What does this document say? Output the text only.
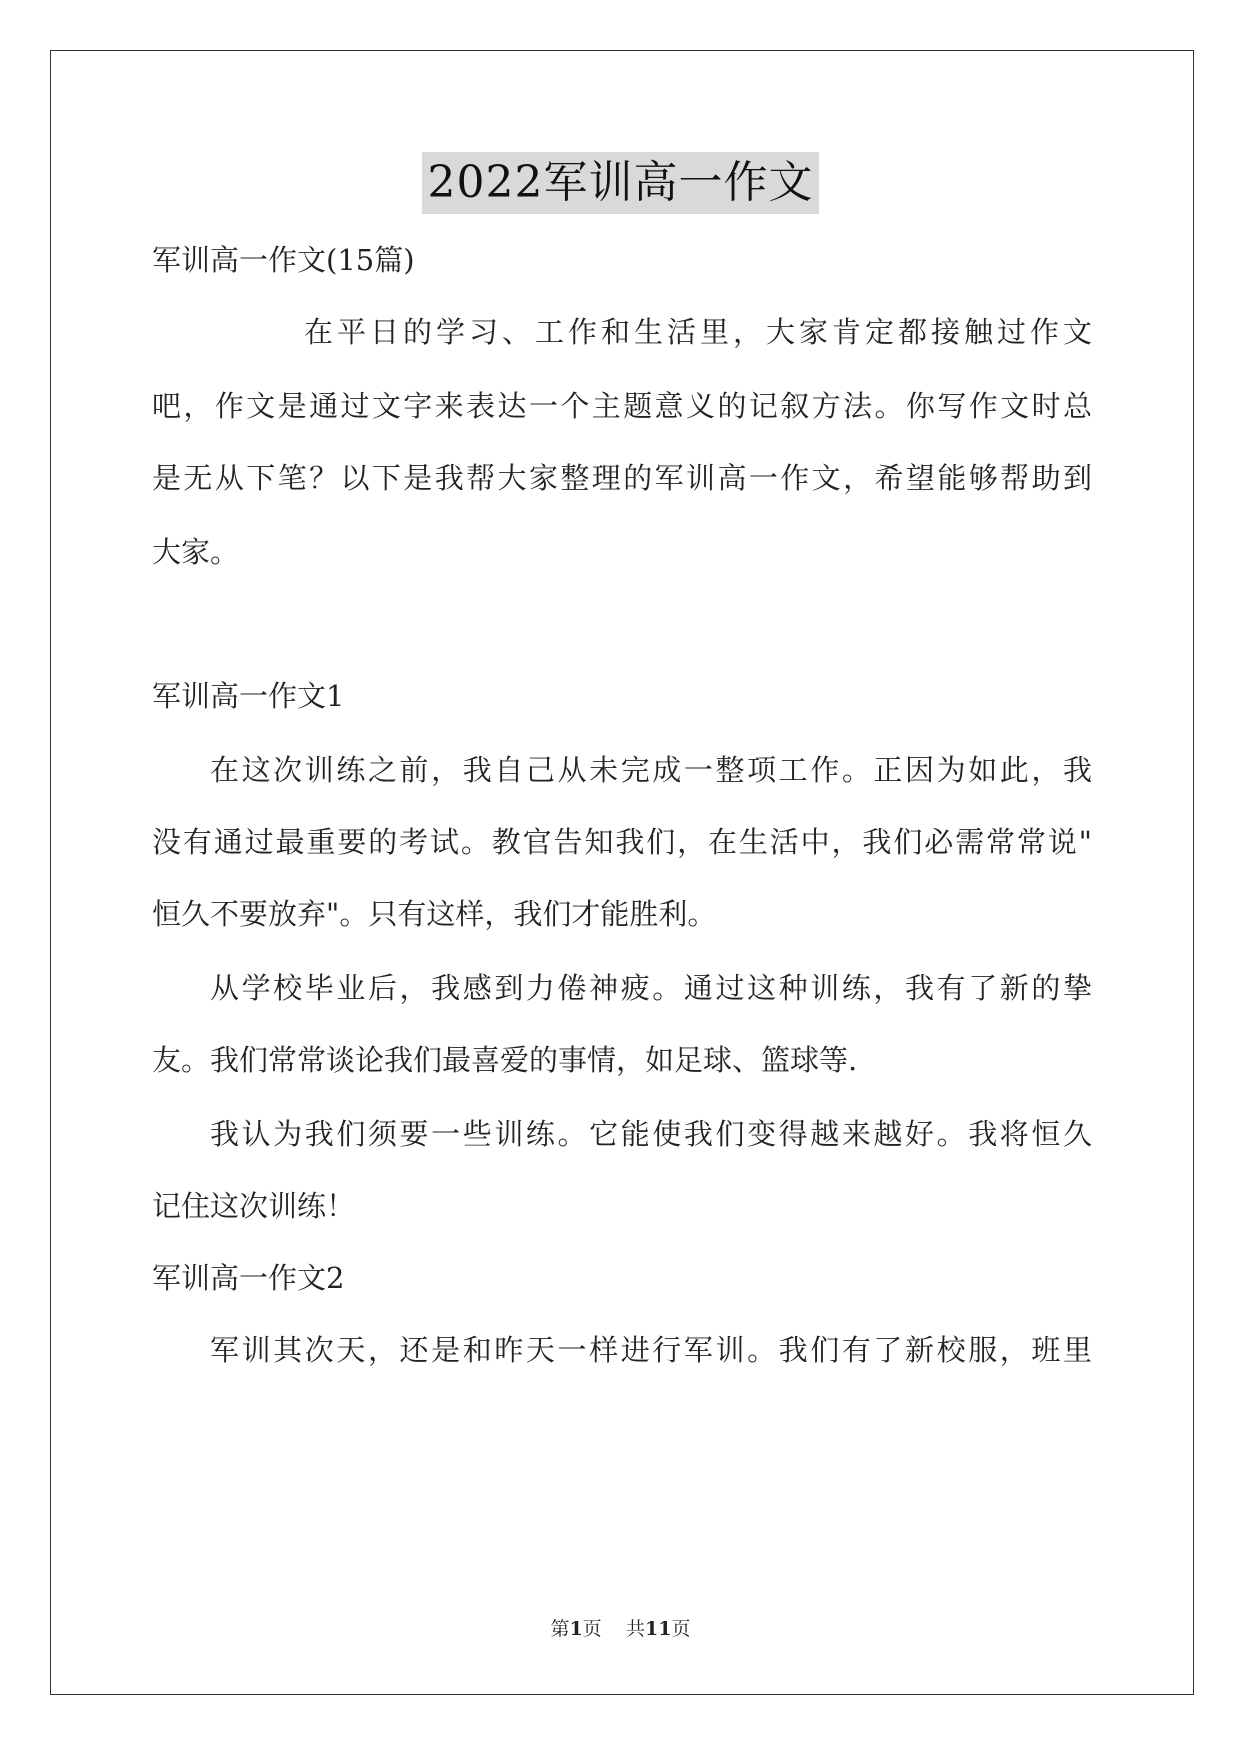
2022军训高一作文
军训高一作文(15篇)
在平日的学习、工作和生活里，大家肯定都接触过作文
吧，作文是通过文字来表达一个主题意义的记叙方法。你写作文时总
是无从下笔？以下是我帮大家整理的军训高一作文，希望能够帮助到
大家。
军训高一作文1
在这次训练之前，我自己从未完成一整项工作。正因为如此，我
没有通过最重要的考试。教官告知我们，在生活中，我们必需常常说"
恒久不要放弃"。只有这样，我们才能胜利。
从学校毕业后，我感到力倦神疲。通过这种训练，我有了新的挚
友。我们常常谈论我们最喜爱的事情，如足球、篮球等.
我认为我们须要一些训练。它能使我们变得越来越好。我将恒久
记住这次训练！
军训高一作文2
军训其次天，还是和昨天一样进行军训。我们有了新校服，班里
第1页 共11页
